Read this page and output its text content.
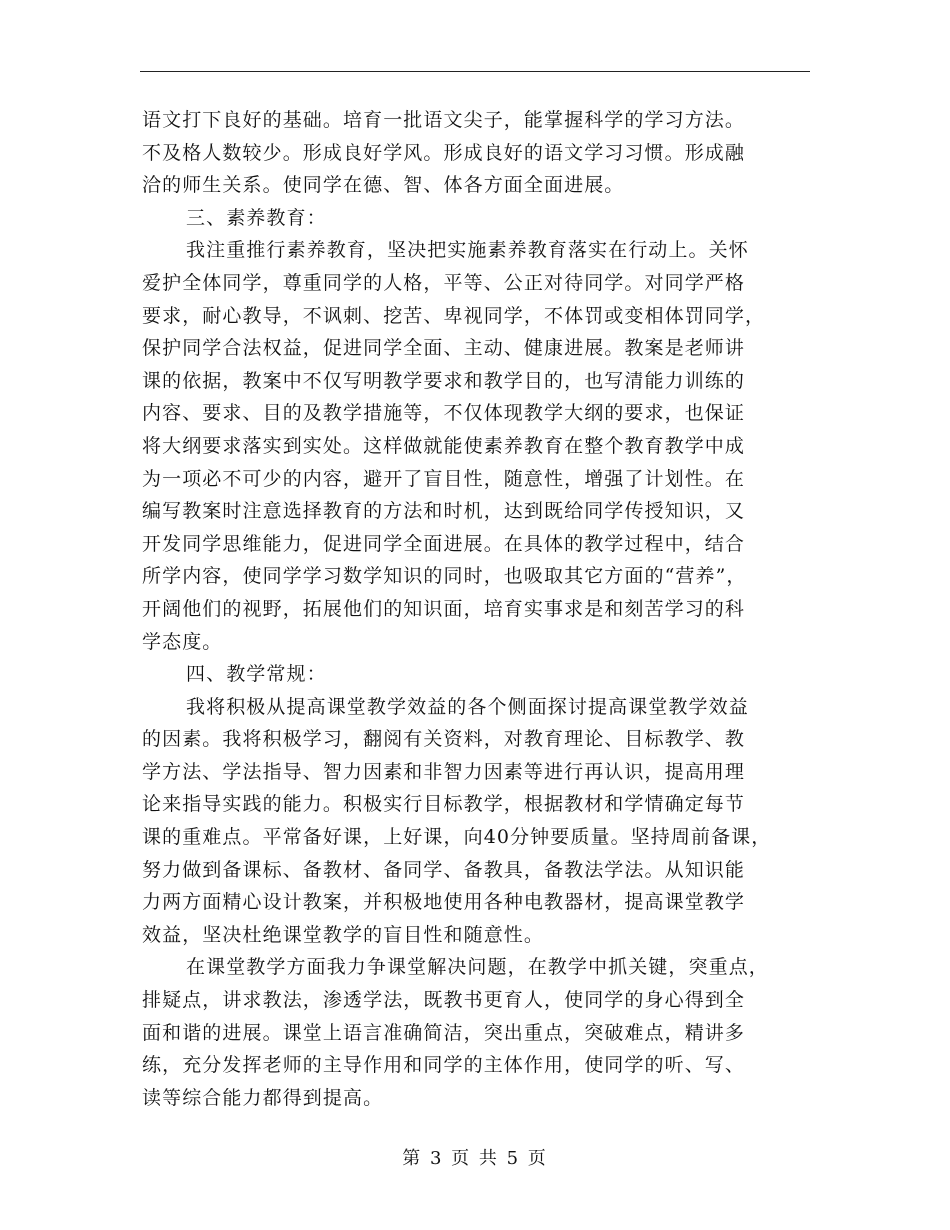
语文打下良好的基础。培育一批语文尖子，能掌握科学的学习方法。
不及格人数较少。形成良好学风。形成良好的语文学习习惯。形成融
洽的师生关系。使同学在德、智、体各方面全面进展。
三、素养教育：
我注重推行素养教育，坚决把实施素养教育落实在行动上。关怀
爱护全体同学，尊重同学的人格，平等、公正对待同学。对同学严格
要求，耐心教导，不讽刺、挖苦、卑视同学，不体罚或变相体罚同学，
保护同学合法权益，促进同学全面、主动、健康进展。教案是老师讲
课的依据，教案中不仅写明教学要求和教学目的，也写清能力训练的
内容、要求、目的及教学措施等，不仅体现教学大纲的要求，也保证
将大纲要求落实到实处。这样做就能使素养教育在整个教育教学中成
为一项必不可少的内容，避开了盲目性，随意性，增强了计划性。在
编写教案时注意选择教育的方法和时机，达到既给同学传授知识，又
开发同学思维能力，促进同学全面进展。在具体的教学过程中，结合
所学内容，使同学学习数学知识的同时，也吸取其它方面的“营养”，
开阔他们的视野，拓展他们的知识面，培育实事求是和刻苦学习的科
学态度。
四、教学常规：
我将积极从提高课堂教学效益的各个侧面探讨提高课堂教学效益
的因素。我将积极学习，翻阅有关资料，对教育理论、目标教学、教
学方法、学法指导、智力因素和非智力因素等进行再认识，提高用理
论来指导实践的能力。积极实行目标教学，根据教材和学情确定每节
课的重难点。平常备好课，上好课，向40分钟要质量。坚持周前备课，
努力做到备课标、备教材、备同学、备教具，备教法学法。从知识能
力两方面精心设计教案，并积极地使用各种电教器材，提高课堂教学
效益，坚决杜绝课堂教学的盲目性和随意性。
在课堂教学方面我力争课堂解决问题，在教学中抓关键，突重点，
排疑点，讲求教法，渗透学法，既教书更育人，使同学的身心得到全
面和谐的进展。课堂上语言准确简洁，突出重点，突破难点，精讲多
练，充分发挥老师的主导作用和同学的主体作用，使同学的听、写、
读等综合能力都得到提高。
第 3 页 共 5 页
